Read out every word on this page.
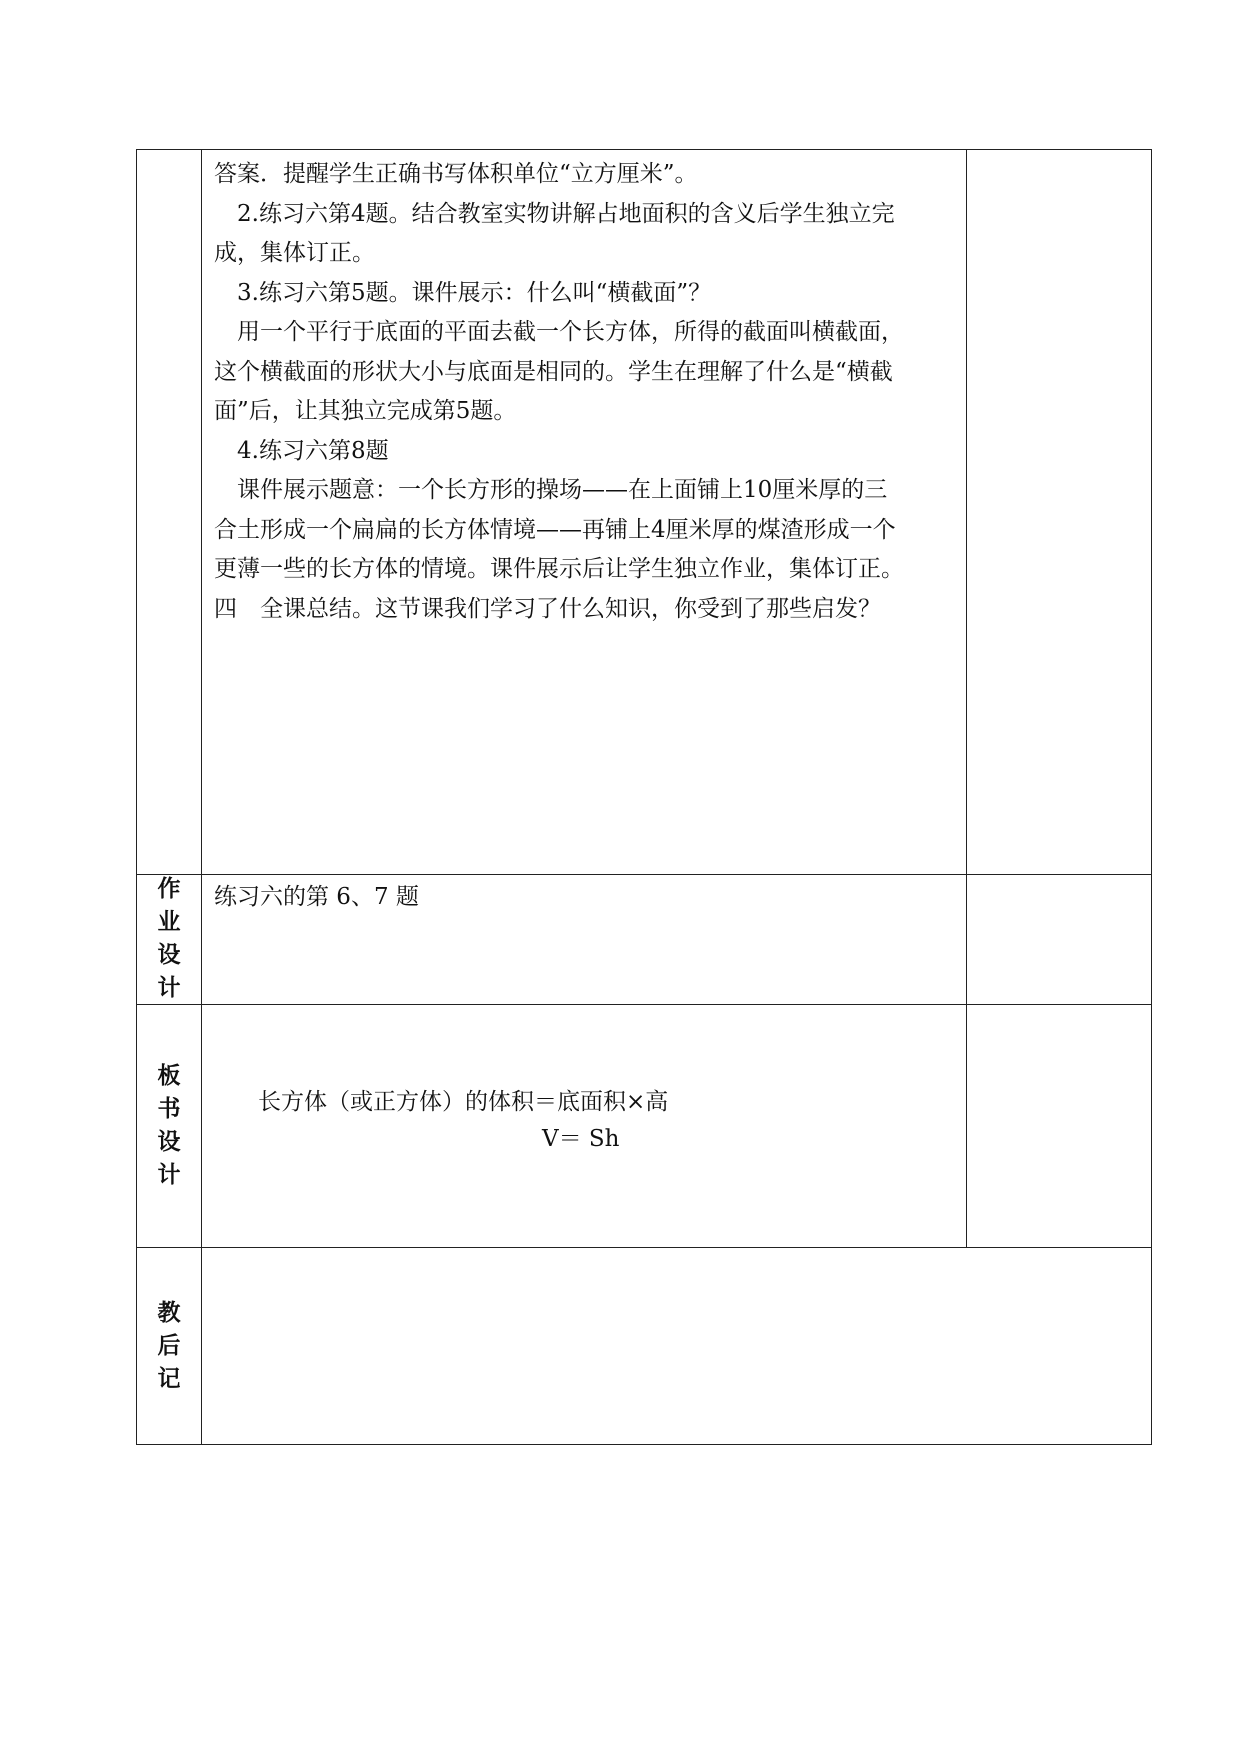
答案．提醒学生正确书写体积单位“立方厘米”。
　2.练习六第4题。结合教室实物讲解占地面积的含义后学生独立完
成，集体订正。
　3.练习六第5题。课件展示：什么叫“横截面”？
　用一个平行于底面的平面去截一个长方体，所得的截面叫横截面，
这个横截面的形状大小与底面是相同的。学生在理解了什么是“横截
面”后，让其独立完成第5题。
　4.练习六第8题
　课件展示题意：一个长方形的操场——在上面铺上10厘米厚的三
合土形成一个扁扁的长方体情境——再铺上4厘米厚的煤渣形成一个
更薄一些的长方体的情境。课件展示后让学生独立作业，集体订正。
四　全课总结。这节课我们学习了什么知识，你受到了那些启发？
作
业
设
计
练习六的第 6、7 题
板
书
设
计
长方体（或正方体）的体积＝底面积×高
V＝ Sh
教
后
记
